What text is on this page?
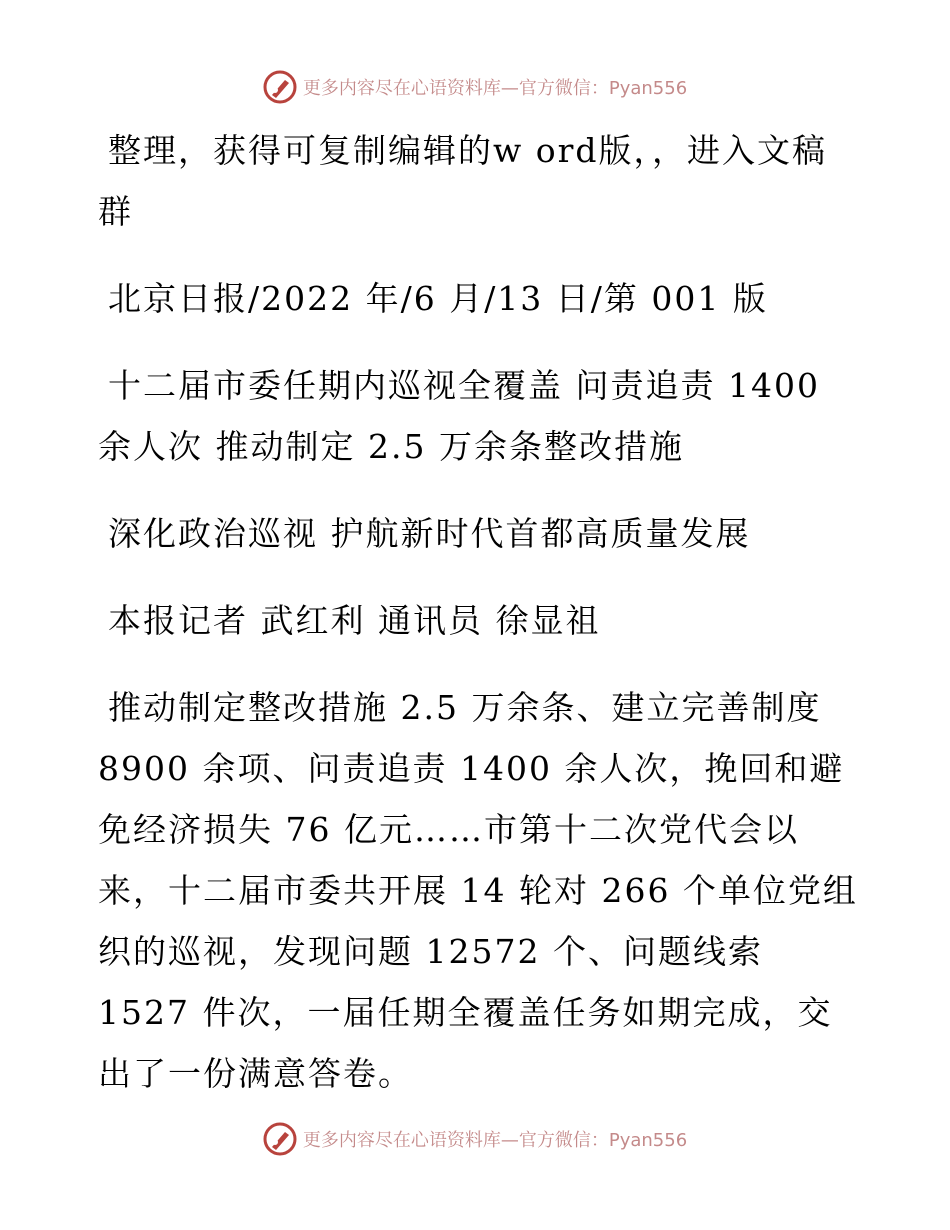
更多内容尽在心语资料库—官方微信：Pyan556

整理，获得可复制编辑的w ord版，，进入文稿群

北京日报/2022 年/6 月/13 日/第 001 版

十二届市委任期内巡视全覆盖 问责追责 1400 余人次 推动制定 2.5 万余条整改措施

深化政治巡视 护航新时代首都高质量发展

本报记者 武红利 通讯员 徐显祖

推动制定整改措施 2.5 万余条、建立完善制度 8900 余项、问责追责 1400 余人次，挽回和避免经济损失 76 亿元……市第十二次党代会以来，十二届市委共开展 14 轮对 266 个单位党组织的巡视，发现问题 12572 个、问题线索 1527 件次，一届任期全覆盖任务如期完成，交出了一份满意答卷。

更多内容尽在心语资料库—官方微信：Pyan556
